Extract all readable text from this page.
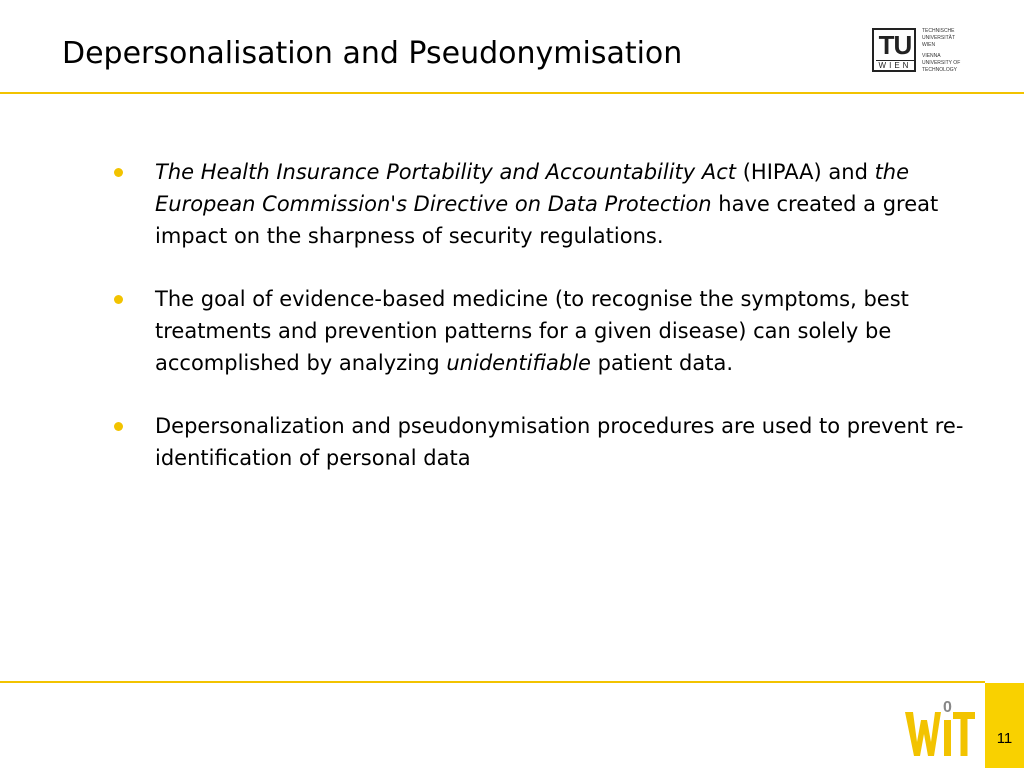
Depersonalisation and Pseudonymisation	TU
WIEN
TECHNISCHE
UNIVERSITÄT
WIEN
VIENNA
UNIVERSITY OF
TECHNOLOGY
The Health Insurance Portability and Accountability Act (HIPAA) and the European Commission's Directive on Data Protection have created a great impact on the sharpness of security regulations.
The goal of evidence-based medicine (to recognise the symptoms, best treatments and prevention patterns for a given disease) can solely be accomplished by analyzing unidentifiable patient data.
Depersonalization and pseudonymisation procedures are used to prevent re-identification of personal data
0
11
